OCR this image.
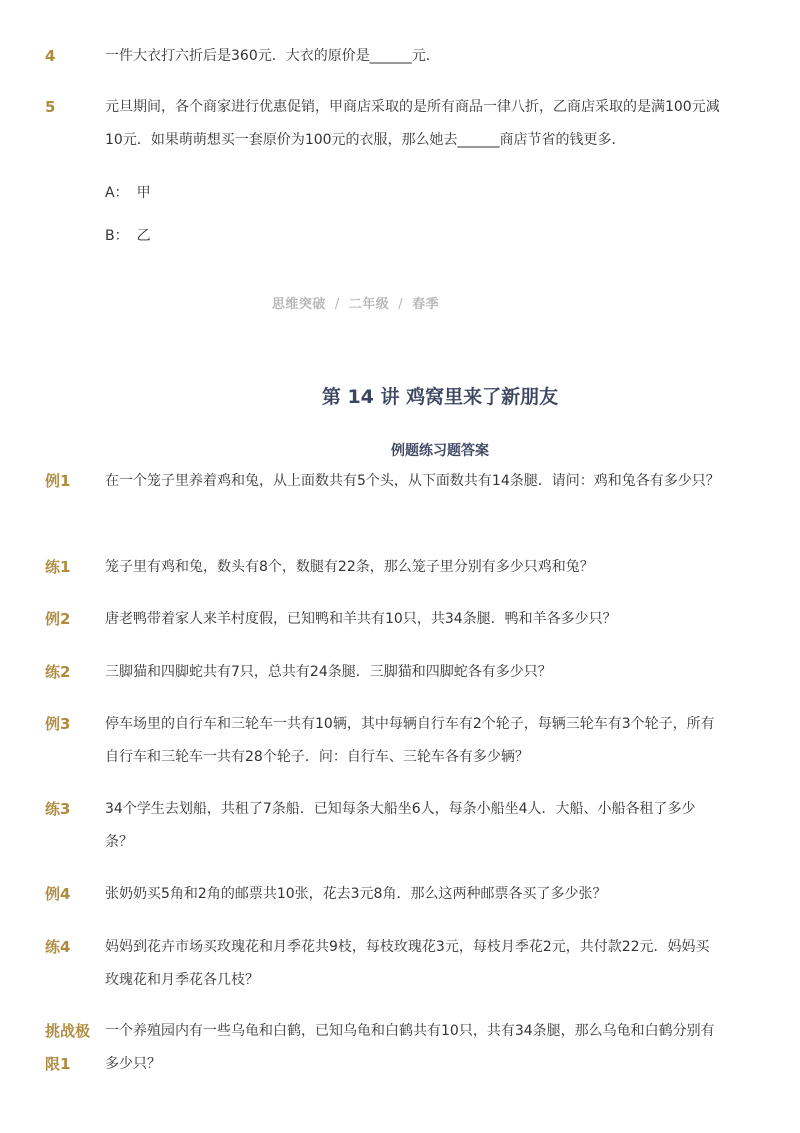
4	一件大衣打六折后是360元．大衣的原价是______元．
5	元旦期间，各个商家进行优惠促销，甲商店采取的是所有商品一律八折，乙商店采取的是满100元减10元．如果萌萌想买一套原价为100元的衣服，那么她去______商店节省的钱更多．
A： 甲
B： 乙
思维突破 / 二年级 / 春季
第 14 讲 鸡窝里来了新朋友
例题练习题答案
例1	在一个笼子里养着鸡和兔，从上面数共有5个头，从下面数共有14条腿．请问：鸡和兔各有多少只？
练1	笼子里有鸡和兔，数头有8个，数腿有22条，那么笼子里分别有多少只鸡和兔？
例2	唐老鸭带着家人来羊村度假，已知鸭和羊共有10只，共34条腿．鸭和羊各多少只？
练2	三脚猫和四脚蛇共有7只，总共有24条腿．三脚猫和四脚蛇各有多少只？
例3	停车场里的自行车和三轮车一共有10辆，其中每辆自行车有2个轮子，每辆三轮车有3个轮子，所有自行车和三轮车一共有28个轮子．问：自行车、三轮车各有多少辆？
练3	34个学生去划船，共租了7条船．已知每条大船坐6人，每条小船坐4人．大船、小船各租了多少条？
例4	张奶奶买5角和2角的邮票共10张，花去3元8角．那么这两种邮票各买了多少张？
练4	妈妈到花卉市场买玫瑰花和月季花共9枝，每枝玫瑰花3元，每枝月季花2元，共付款22元．妈妈买玫瑰花和月季花各几枝？
挑战极限1
一个养殖园内有一些乌龟和白鹤，已知乌龟和白鹤共有10只，共有34条腿，那么乌龟和白鹤分别有多少只？
